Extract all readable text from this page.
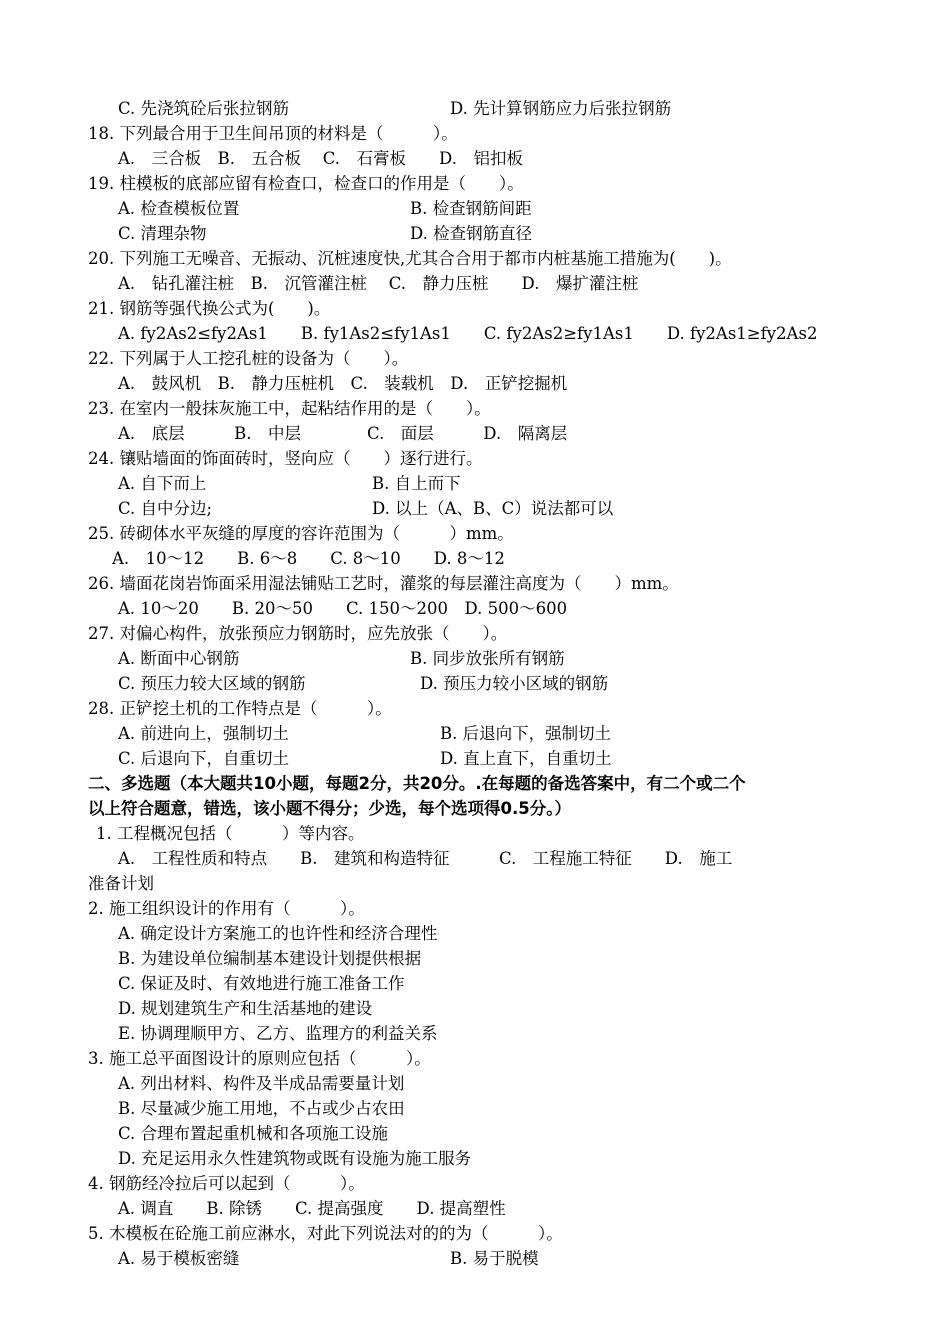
C. 先浇筑砼后张拉钢筋	D. 先计算钢筋应力后张拉钢筋
18. 下列最合用于卫生间吊顶的材料是（　　　）。
A.　三合板　B.　五合板　 C.　石膏板　　D.　铝扣板
19. 柱模板的底部应留有检查口，检查口的作用是（　　）。
A. 检查模板位置	B. 检查钢筋间距
C. 清理杂物	D. 检查钢筋直径
20. 下列施工无噪音、无振动、沉桩速度快,尤其合合用于都市内桩基施工措施为(　　)。
A.　钻孔灌注桩　B.　沉管灌注桩　 C.　静力压桩　　D.　爆扩灌注桩
21. 钢筋等强代换公式为(　　)。
A. fy2As2≤fy2As1　　B. fy1As2≤fy1As1　　C. fy2As2≥fy1As1　　D. fy2As1≥fy2As2
22. 下列属于人工挖孔桩的设备为（　　）。
A.　鼓风机　B.　静力压桩机　C.　装载机　D.　正铲挖掘机
23. 在室内一般抹灰施工中，起粘结作用的是（　　）。
A.　底层　　　B.　中层　　　　C.　面层　　　D.　隔离层
24. 镶贴墙面的饰面砖时，竖向应（　　）逐行进行。
A. 自下而上	B. 自上而下
C. 自中分边;	D. 以上（A、B、C）说法都可以
25. 砖砌体水平灰缝的厚度的容许范围为（　　　）mm。
A.　10～12　　B. 6～8　　C. 8～10　　D. 8～12
26. 墙面花岗岩饰面采用湿法铺贴工艺时，灌浆的每层灌注高度为（　　）mm。
A. 10～20　　B. 20～50　　C. 150～200　D. 500～600
27. 对偏心构件，放张预应力钢筋时，应先放张（　　）。
A. 断面中心钢筋	B. 同步放张所有钢筋
C. 预压力较大区域的钢筋	D. 预压力较小区域的钢筋
28. 正铲挖土机的工作特点是（　　　）。
A. 前进向上，强制切土	B. 后退向下，强制切土
C. 后退向下，自重切土	D. 直上直下，自重切土
二、多选题（本大题共10小题，每题2分，共20分。.在每题的备选答案中，有二个或二个
以上符合题意，错选，该小题不得分；少选，每个选项得0.5分。）
1. 工程概况包括（　　　）等内容。
A.　工程性质和特点　　B.　建筑和构造特征　　　C.　工程施工特征　　D.　施工
准备计划
2. 施工组织设计的作用有（　　　）。
A. 确定设计方案施工的也许性和经济合理性
B. 为建设单位编制基本建设计划提供根据
C. 保证及时、有效地进行施工准备工作
D. 规划建筑生产和生活基地的建设
E. 协调理顺甲方、乙方、监理方的利益关系
3. 施工总平面图设计的原则应包括（　　　）。
A. 列出材料、构件及半成品需要量计划
B. 尽量减少施工用地，不占或少占农田
C. 合理布置起重机械和各项施工设施
D. 充足运用永久性建筑物或既有设施为施工服务
4. 钢筋经冷拉后可以起到（　　　）。
A. 调直　　B. 除锈　　C. 提高强度　　D. 提高塑性
5. 木模板在砼施工前应淋水，对此下列说法对的的为（　　　）。
A. 易于模板密缝	B. 易于脱模
